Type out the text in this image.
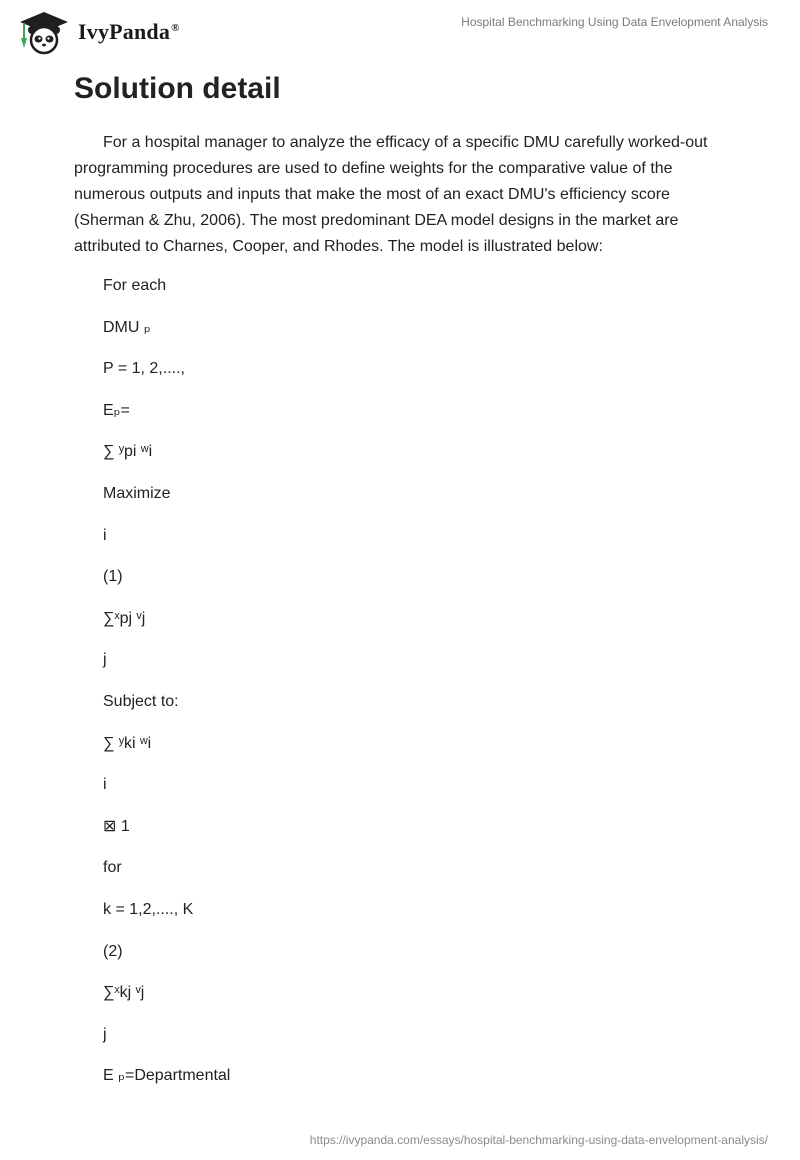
IvyPanda®	Hospital Benchmarking Using Data Envelopment Analysis
Solution detail

For a hospital manager to analyze the efficacy of a specific DMU carefully worked-out programming procedures are used to define weights for the comparative value of the numerous outputs and inputs that make the most of an exact DMU's efficiency score (Sherman & Zhu, 2006). The most predominant DEA model designs in the market are attributed to Charnes, Cooper, and Rhodes. The model is illustrated below:

For each
DMU ₚ
P = 1, 2,....,
Eₚ=
∑ ʸpi ʷi
Maximize
i
(1)
∑ˣpj ᵛj
j
Subject to:
∑ ʸki ʷi
i
⊠ 1
for
k = 1,2,...., K
(2)
∑ˣkj ᵛj
j
E ₚ=Departmental
https://ivypanda.com/essays/hospital-benchmarking-using-data-envelopment-analysis/
